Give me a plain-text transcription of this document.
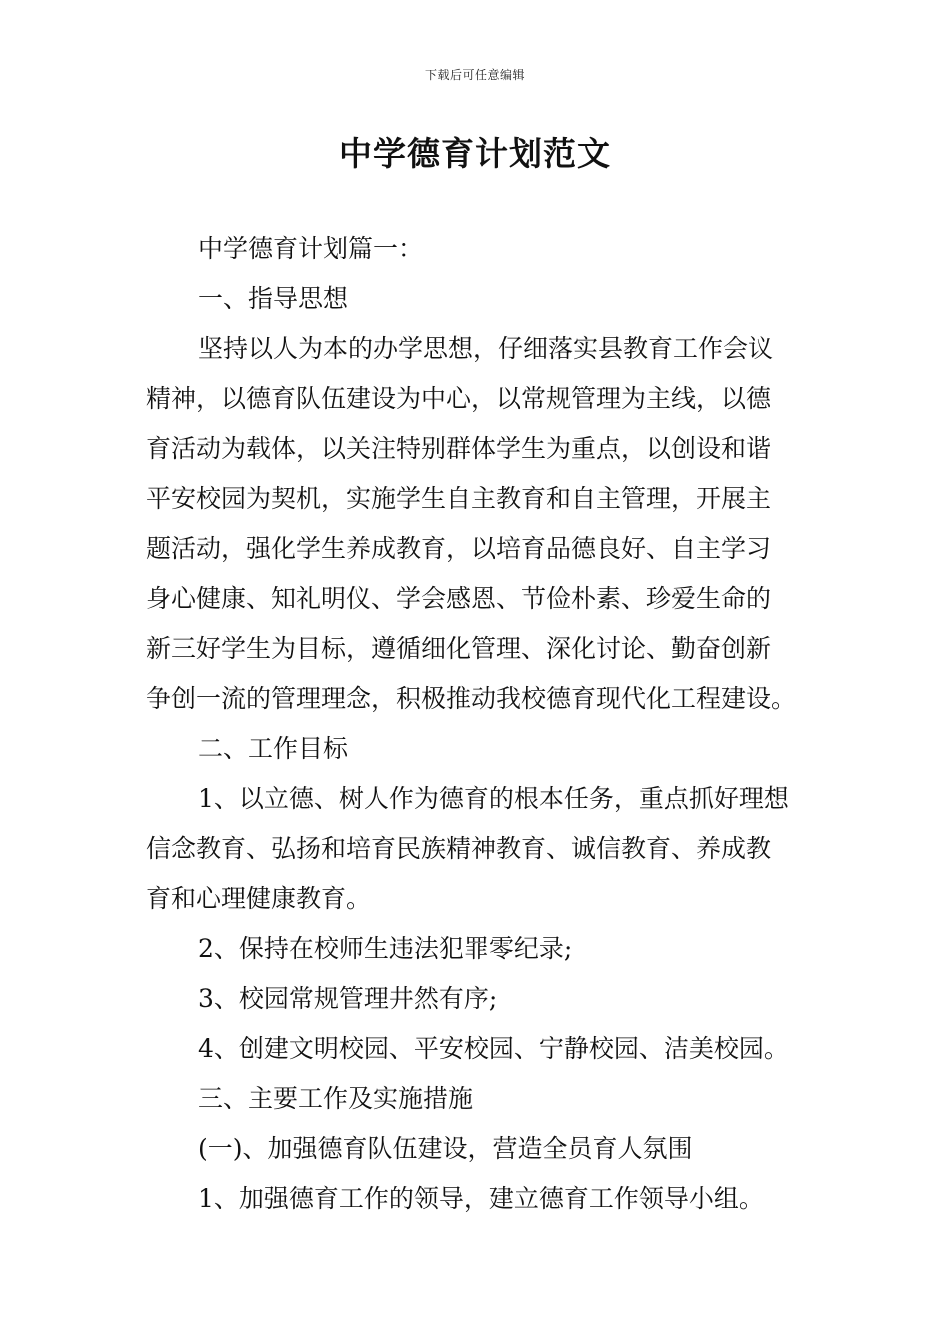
下载后可任意编辑
中学德育计划范文

中学德育计划篇一：

一、指导思想

坚持以人为本的办学思想，仔细落实县教育工作会议

精神，以德育队伍建设为中心，以常规管理为主线，以德

育活动为载体，以关注特别群体学生为重点，以创设和谐

平安校园为契机，实施学生自主教育和自主管理，开展主

题活动，强化学生养成教育，以培育品德良好、自主学习

身心健康、知礼明仪、学会感恩、节俭朴素、珍爱生命的

新三好学生为目标，遵循细化管理、深化讨论、勤奋创新

争创一流的管理理念，积极推动我校德育现代化工程建设。

二、工作目标

1、以立德、树人作为德育的根本任务，重点抓好理想

信念教育、弘扬和培育民族精神教育、诚信教育、养成教

育和心理健康教育。

2、保持在校师生违法犯罪零纪录;

3、校园常规管理井然有序;

4、创建文明校园、平安校园、宁静校园、洁美校园。

三、主要工作及实施措施

(一)、加强德育队伍建设，营造全员育人氛围

1、加强德育工作的领导，建立德育工作领导小组。
